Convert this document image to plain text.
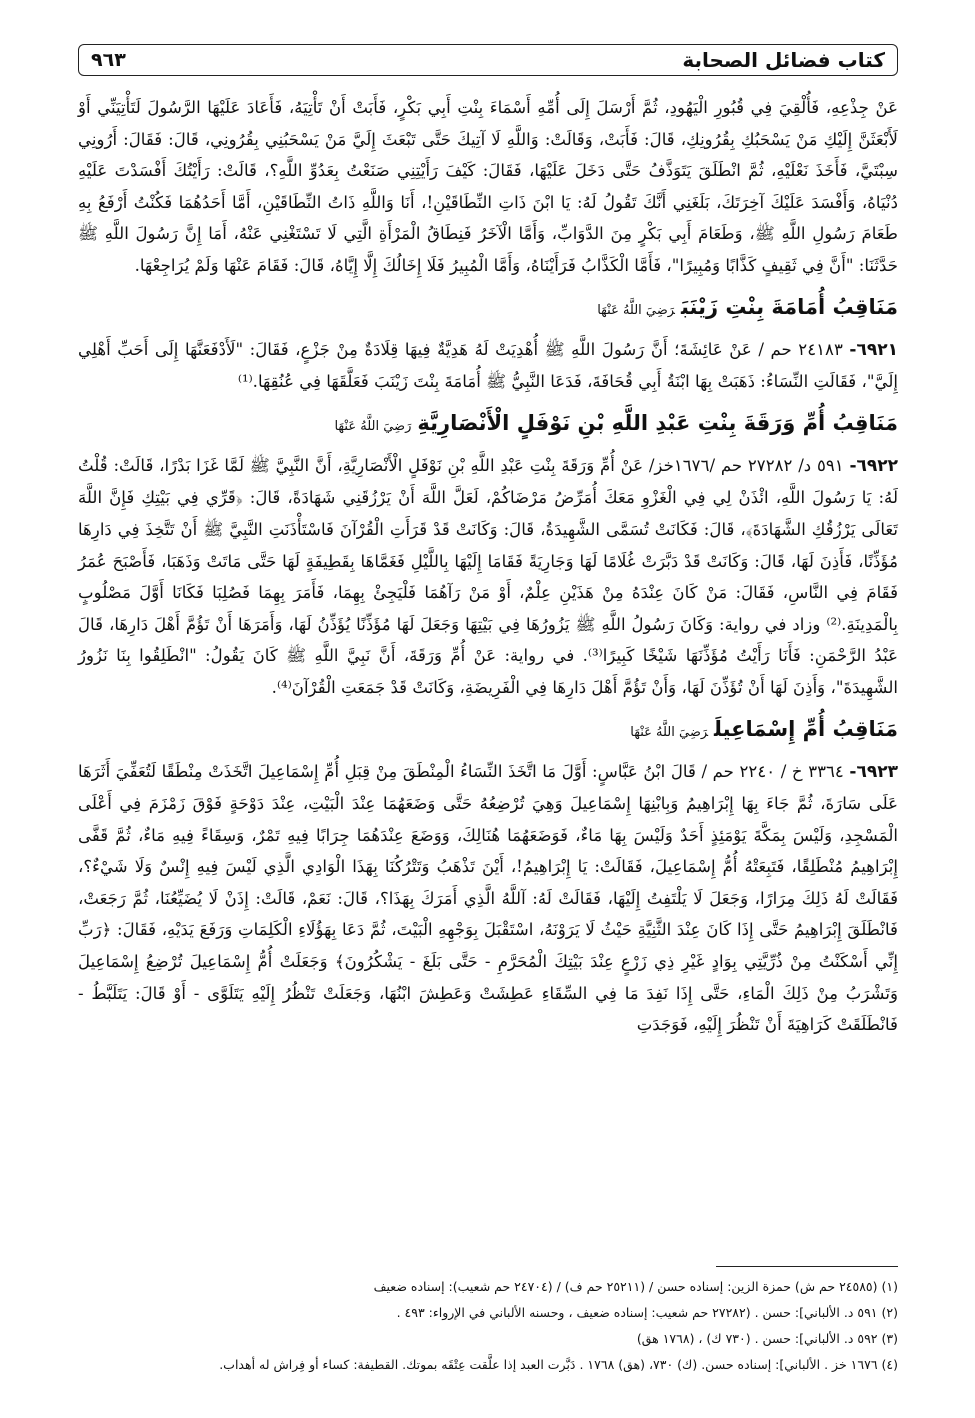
كتاب فضائل الصحابة
٩٦٣

عَنْ جِذْعِهِ، فَأُلْقِيَ فِي قُبُورِ الْيَهُودِ، ثُمَّ أَرْسَلَ إِلَى أُمِّهِ أَسْمَاءَ بِنْتِ أَبِي بَكْرٍ، فَأَبَتْ أَنْ تَأْتِيَهُ، فَأَعَادَ عَلَيْهَا الرَّسُولَ لَتَأْتِيَنِّي أَوْ لَأَبْعَثَنَّ إِلَيْكِ مَنْ يَسْحَبُكِ بِقُرُونِكِ، قَالَ: فَأَبَتْ، وَقَالَتْ: وَاللَّهِ لَا آتِيكَ حَتَّى تَبْعَثَ إِلَيَّ مَنْ يَسْحَبُنِي بِقُرُونِي، قَالَ: فَقَالَ: أَرُونِي سِبْتَيَّ، فَأَخَذَ نَعْلَيْهِ، ثُمَّ انْطَلَقَ يَتَوَذَّفُ حَتَّى دَخَلَ عَلَيْهَا، فَقَالَ: كَيْفَ رَأَيْتِنِي صَنَعْتُ بِعَدُوِّ اللَّهِ؟، قَالَتْ: رَأَيْتُكَ أَفْسَدْتَ عَلَيْهِ دُنْيَاهُ، وَأَفْسَدَ عَلَيْكَ آخِرَتَكَ، بَلَغَنِي أَنَّكَ تَقُولُ لَهُ: يَا ابْنَ ذَاتِ النِّطَاقَيْنِ!، أَنَا وَاللَّهِ ذَاتُ النِّطَاقَيْنِ، أَمَّا أَحَدُهُمَا فَكُنْتُ أَرْفَعُ بِهِ طَعَامَ رَسُولِ اللَّهِ ﷺ، وَطَعَامَ أَبِي بَكْرٍ مِنَ الدَّوَابِّ، وَأَمَّا الْآخَرُ فَنِطَاقُ الْمَرْأَةِ الَّتِي لَا تَسْتَغْنِي عَنْهُ، أَمَا إِنَّ رَسُولَ اللَّهِ ﷺ حَدَّثَنَا: "أَنَّ فِي ثَقِيفٍ كَذَّابًا وَمُبِيرًا"، فَأَمَّا الْكَذَّابُ فَرَأَيْنَاهُ، وَأَمَّا الْمُبِيرُ فَلَا إِخَالُكَ إِلَّا إِيَّاهُ، قَالَ: فَقَامَ عَنْهَا وَلَمْ يُرَاجِعْهَا.

مَنَاقِبُ أُمَامَةَ بِنْتِ زَيْنَبَرَضِيَ اللَّهُ عَنْهَا

٦٩٢١- ٢٤١٨٣ حم / عَنْ عَائِشَةَ؛ أَنَّ رَسُولَ اللَّهِ ﷺ أُهْدِيَتْ لَهُ هَدِيَّةٌ فِيهَا قِلَادَةٌ مِنْ جَزْعٍ، فَقَالَ: "لَأَدْفَعَنَّهَا إِلَى أَحَبِّ أَهْلِي إِلَيَّ"، فَقَالَتِ النِّسَاءُ: ذَهَبَتْ بِهَا ابْنَةُ أَبِي قُحَافَةَ، فَدَعَا النَّبِيُّ ﷺ أُمَامَةَ بِنْتَ زَيْنَبَ فَعَلَّقَهَا فِي عُنُقِهَا.⁽¹⁾

مَنَاقِبُ أُمِّ وَرَقَةَ بِنْتِ عَبْدِ اللَّهِ بْنِ نَوْفَلٍ الْأَنْصَارِيَّةِرَضِيَ اللَّهُ عَنْهَا

٦٩٢٢- ٥٩١ د/ ٢٧٢٨٢ حم /١٦٧٦خز/ عَنْ أُمِّ وَرَقَةَ بِنْتِ عَبْدِ اللَّهِ بْنِ نَوْفَلٍ الْأَنْصَارِيَّةِ، أَنَّ النَّبِيَّ ﷺ لَمَّا غَزَا بَدْرًا، قَالَتْ: قُلْتُ لَهُ: يَا رَسُولَ اللَّهِ، ائْذَنْ لِي فِي الْغَزْوِ مَعَكَ أُمَرِّضُ مَرْضَاكُمْ، لَعَلَّ اللَّهَ أَنْ يَرْزُقَنِي شَهَادَةً، قَالَ: ﴿قَرِّي فِي بَيْتِكِ فَإِنَّ اللَّهَ تَعَالَى يَرْزُقُكِ الشَّهَادَةَ﴾، قَالَ: فَكَانَتْ تُسَمَّى الشَّهِيدَةُ، قَالَ: وَكَانَتْ قَدْ قَرَأَتِ الْقُرْآنَ فَاسْتَأْذَنَتِ النَّبِيَّ ﷺ أَنْ تَتَّخِذَ فِي دَارِهَا مُؤَذِّنًا، فَأَذِنَ لَهَا، قَالَ: وَكَانَتْ قَدْ دَبَّرَتْ غُلَامًا لَهَا وَجَارِيَةً فَقَامَا إِلَيْهَا بِاللَّيْلِ فَغَمَّاهَا بِقَطِيفَةٍ لَهَا حَتَّى مَاتَتْ وَذَهَبَا، فَأَصْبَحَ عُمَرُ فَقَامَ فِي النَّاسِ، فَقَالَ: مَنْ كَانَ عِنْدَهُ مِنْ هَذَيْنِ عِلْمٌ، أَوْ مَنْ رَآهُمَا فَلْيَجِئْ بِهِمَا، فَأَمَرَ بِهِمَا فَصُلِبَا فَكَانَا أَوَّلَ مَصْلُوبٍ بِالْمَدِينَةِ.⁽²⁾ وزاد في رواية: وَكَانَ رَسُولُ اللَّهِ ﷺ يَزُورُهَا فِي بَيْتِهَا وَجَعَلَ لَهَا مُؤَذِّنًا يُؤَذِّنُ لَهَا، وَأَمَرَهَا أَنْ تَؤُمَّ أَهْلَ دَارِهَا، قَالَ عَبْدُ الرَّحْمَنِ: فَأَنَا رَأَيْتُ مُؤَذِّنَهَا شَيْخًا كَبِيرًا⁽³⁾. في رواية: عَنْ أُمِّ وَرَقَةَ، أَنَّ نَبِيَّ اللَّهِ ﷺ كَانَ يَقُولُ: "انْطَلِقُوا بِنَا نَزُورُ الشَّهِيدَةَ"، وَأَذِنَ لَهَا أَنْ تُؤَذِّنَ لَهَا، وَأَنْ تَؤُمَّ أَهْلَ دَارِهَا فِي الْفَرِيضَةِ، وَكَانَتْ قَدْ جَمَعَتِ الْقُرْآنَ⁽⁴⁾.

مَنَاقِبُ أُمِّ إِسْمَاعِيلَرَضِيَ اللَّهُ عَنْهَا

٦٩٢٣- ٣٣٦٤ خ / ٢٢٤٠ حم / قَالَ ابْنُ عَبَّاسٍ: أَوَّلَ مَا اتَّخَذَ النِّسَاءُ الْمِنْطَقَ مِنْ قِبَلِ أُمِّ إِسْمَاعِيلَ اتَّخَذَتْ مِنْطَقًا لَتُعَفِّيَ أَثَرَهَا عَلَى سَارَةَ، ثُمَّ جَاءَ بِهَا إِبْرَاهِيمُ وَبِابْنِهَا إِسْمَاعِيلَ وَهِيَ تُرْضِعُهُ حَتَّى وَضَعَهُمَا عِنْدَ الْبَيْتِ، عِنْدَ دَوْحَةٍ فَوْقَ زَمْزَمَ فِي أَعْلَى الْمَسْجِدِ، وَلَيْسَ بِمَكَّةَ يَوْمَئِذٍ أَحَدٌ وَلَيْسَ بِهَا مَاءٌ، فَوَضَعَهُمَا هُنَالِكَ، وَوَضَعَ عِنْدَهُمَا جِرَابًا فِيهِ تَمْرٌ، وَسِقَاءً فِيهِ مَاءٌ، ثُمَّ قَفَّى إِبْرَاهِيمُ مُنْطَلِقًا، فَتَبِعَتْهُ أُمُّ إِسْمَاعِيلَ، فَقَالَتْ: يَا إِبْرَاهِيمُ!، أَيْنَ تَذْهَبُ وَتَتْرُكُنَا بِهَذَا الْوَادِي الَّذِي لَيْسَ فِيهِ إِنْسٌ وَلَا شَيْءٌ؟، فَقَالَتْ لَهُ ذَلِكَ مِرَارًا، وَجَعَلَ لَا يَلْتَفِتُ إِلَيْهَا، فَقَالَتْ لَهُ: آللَّهُ الَّذِي أَمَرَكَ بِهَذَا؟، قَالَ: نَعَمْ، قَالَتْ: إِذَنْ لَا يُضَيِّعُنَا، ثُمَّ رَجَعَتْ، فَانْطَلَقَ إِبْرَاهِيمُ حَتَّى إِذَا كَانَ عِنْدَ الثَّنِيَّةِ حَيْثُ لَا يَرَوْنَهُ، اسْتَقْبَلَ بِوَجْهِهِ الْبَيْتَ، ثُمَّ دَعَا بِهَؤُلَاءِ الْكَلِمَاتِ وَرَفَعَ يَدَيْهِ، فَقَالَ: ﴿رَبِّ إِنِّي أَسْكَنْتُ مِنْ ذُرِّيَّتِي بِوَادٍ غَيْرِ ذِي زَرْعٍ عِنْدَ بَيْتِكَ الْمُحَرَّمِ - حَتَّى بَلَغَ - يَشْكُرُونَ﴾ وَجَعَلَتْ أُمُّ إِسْمَاعِيلَ تُرْضِعُ إِسْمَاعِيلَ وَتَشْرَبُ مِنْ ذَلِكَ الْمَاءِ، حَتَّى إِذَا نَفِدَ مَا فِي السِّقَاءِ عَطِشَتْ وَعَطِشَ ابْنُهَا، وَجَعَلَتْ تَنْظُرُ إِلَيْهِ يَتَلَوَّى - أَوْ قَالَ: يَتَلَبَّطُ - فَانْطَلَقَتْ كَرَاهِيَةَ أَنْ تَنْظُرَ إِلَيْهِ، فَوَجَدَتِ

(١) (٢٤٥٨٥ حم ش) حمزة الزين: إسناده حسن / (٢٥٢١١ حم ف) / (٢٤٧٠٤ حم شعيب): إسناده ضعيف

(٢) ٥٩١ د. الألباني]: حسن . (٢٧٢٨٢ حم شعيب: إسناده ضعيف ، وحسنه الألباني في الإرواء: ٤٩٣ .

(٣) ٥٩٢ د. الألباني]: حسن . (٧٣٠ ك) ، (١٧٦٨ هق)

(٤) ١٦٧٦ خز . الألباني]: إسناده حسن. (ك) ٧٣٠، (هق) ١٧٦٨ . دَبَّرت العبد إذا علَّقت عِتْقَه بموتك. القطيفة: كساء أو فِراش له أهداب.
